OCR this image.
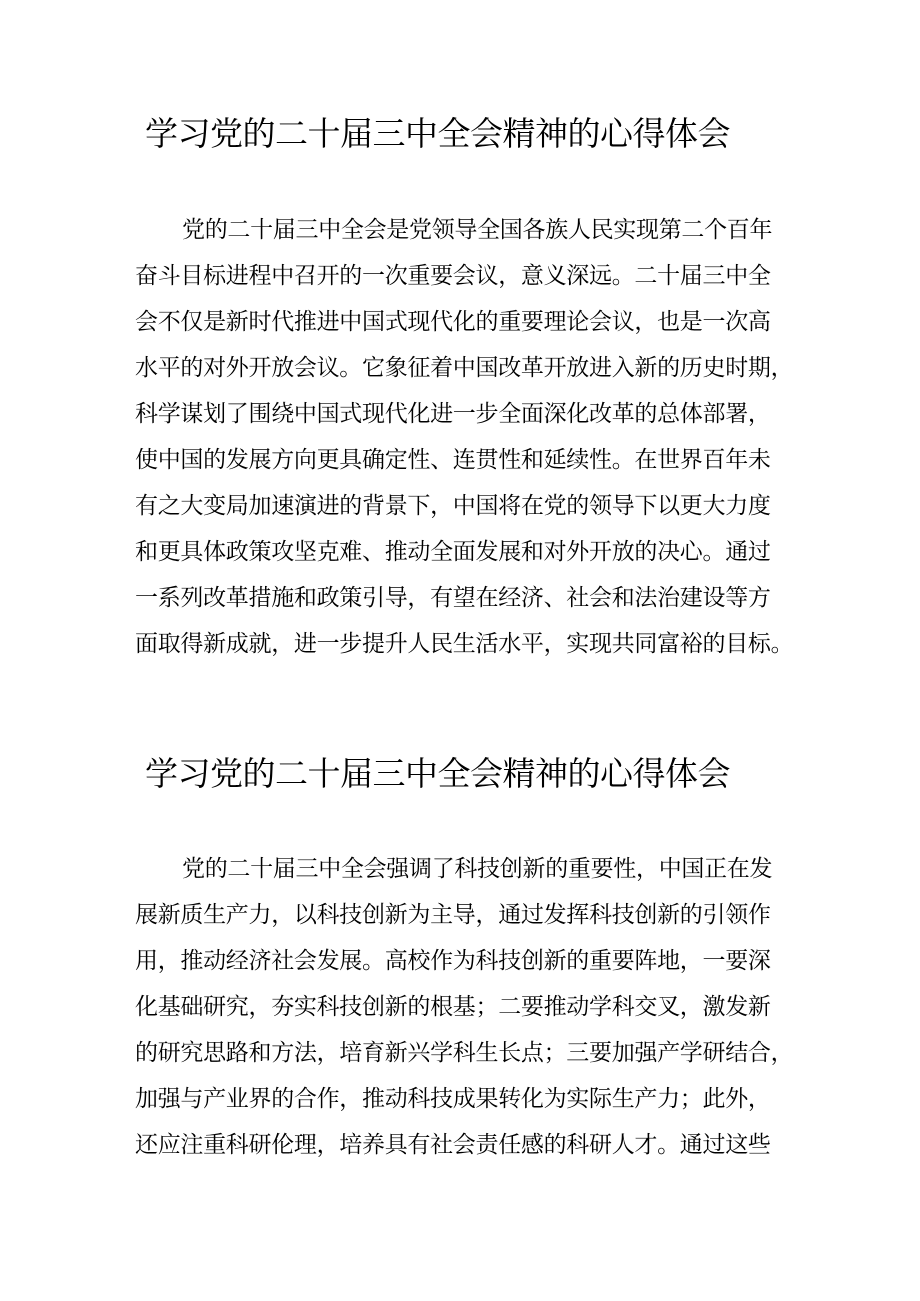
学习党的二十届三中全会精神的心得体会
党的二十届三中全会是党领导全国各族人民实现第二个百年
奋斗目标进程中召开的一次重要会议，意义深远。二十届三中全
会不仅是新时代推进中国式现代化的重要理论会议，也是一次高
水平的对外开放会议。它象征着中国改革开放进入新的历史时期，
科学谋划了围绕中国式现代化进一步全面深化改革的总体部署，
使中国的发展方向更具确定性、连贯性和延续性。在世界百年未
有之大变局加速演进的背景下，中国将在党的领导下以更大力度
和更具体政策攻坚克难、推动全面发展和对外开放的决心。通过
一系列改革措施和政策引导，有望在经济、社会和法治建设等方
面取得新成就，进一步提升人民生活水平，实现共同富裕的目标。
学习党的二十届三中全会精神的心得体会
党的二十届三中全会强调了科技创新的重要性，中国正在发
展新质生产力，以科技创新为主导，通过发挥科技创新的引领作
用，推动经济社会发展。高校作为科技创新的重要阵地，一要深
化基础研究，夯实科技创新的根基；二要推动学科交叉，激发新
的研究思路和方法，培育新兴学科生长点；三要加强产学研结合，
加强与产业界的合作，推动科技成果转化为实际生产力；此外，
还应注重科研伦理，培养具有社会责任感的科研人才。通过这些
